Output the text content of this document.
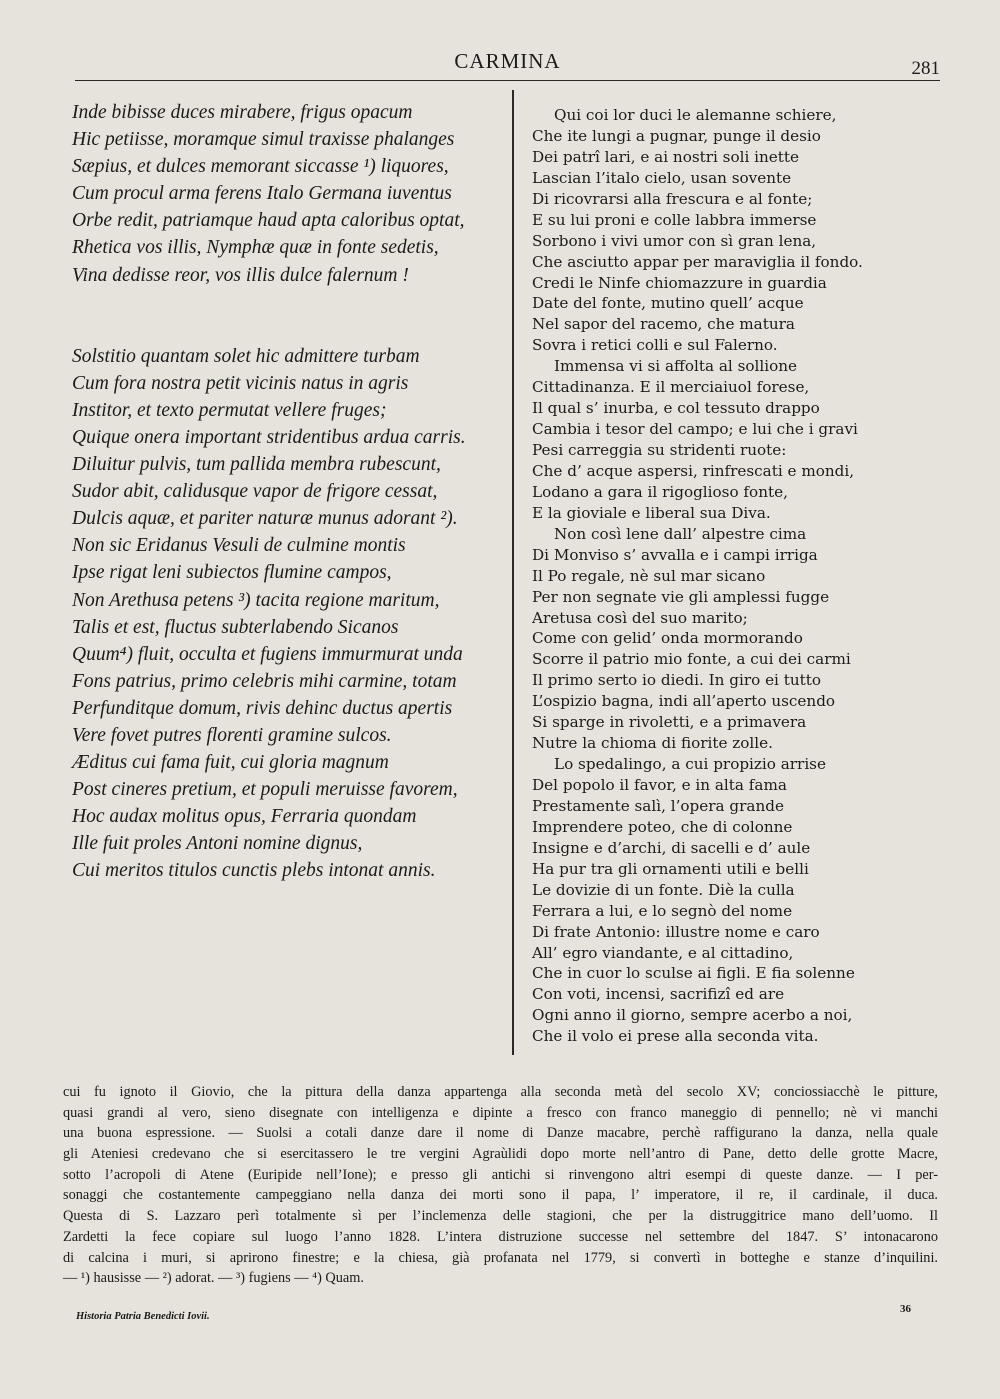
CARMINA	281
Inde bibisse duces mirabere, frigus opacum
Hic petiisse, moramque simul traxisse phalanges
Sæpius, et dulces memorant siccasse ¹) liquores,
Cum procul arma ferens Italo Germana iuventus
Orbe redit, patriamque haud apta caloribus optat,
Rhetica vos illis, Nymphæ quæ in fonte sedetis,
Vina dedisse reor, vos illis dulce falernum !
Solstitio quantam solet hic admittere turbam
Cum fora nostra petit vicinis natus in agris
Institor, et texto permutat vellere fruges;
Quique onera important stridentibus ardua carris.
Diluitur pulvis, tum pallida membra rubescunt,
Sudor abit, calidusque vapor de frigore cessat,
Dulcis aquæ, et pariter naturæ munus adorant ²).
Non sic Eridanus Vesuli de culmine montis
Ipse rigat leni subiectos flumine campos,
Non Arethusa petens ³) tacita regione maritum,
Talis et est, fluctus subterlabendo Sicanos
Quum⁴) fluit, occulta et fugiens immurmurat unda
Fons patrius, primo celebris mihi carmine, totam
Perfunditque domum, rivis dehinc ductus apertis
Vere fovet putres florenti gramine sulcos.
Æditus cui fama fuit, cui gloria magnum
Post cineres pretium, et populi meruisse favorem,
Hoc audax molitus opus, Ferraria quondam
Ille fuit proles Antoni nomine dignus,
Cui meritos titulos cunctis plebs intonat annis.
Qui coi lor duci le alemanne schiere,
Che ite lungi a pugnar, punge il desio
Dei patrî lari, e ai nostri soli inette
Lascian l’italo cielo, usan sovente
Di ricovrarsi alla frescura e al fonte;
E su lui proni e colle labbra immerse
Sorbono i vivi umor con sì gran lena,
Che asciutto appar per maraviglia il fondo.
Credi le Ninfe chiomazzure in guardia
Date del fonte, mutino quell’ acque
Nel sapor del racemo, che matura
Sovra i retici colli e sul Falerno.
Immensa vi si affolta al sollione
Cittadinanza. E il merciaiuol forese,
Il qual s’ inurba, e col tessuto drappo
Cambia i tesor del campo; e lui che i gravi
Pesi carreggia su stridenti ruote:
Che d’ acque aspersi, rinfrescati e mondi,
Lodano a gara il rigoglioso fonte,
E la gioviale e liberal sua Diva.
Non così lene dall’ alpestre cima
Di Monviso s’ avvalla e i campi irriga
Il Po regale, nè sul mar sicano
Per non segnate vie gli amplessi fugge
Aretusa così del suo marito;
Come con gelid’ onda mormorando
Scorre il patrio mio fonte, a cui dei carmi
Il primo serto io diedi. In giro ei tutto
L’ospizio bagna, indi all’aperto uscendo
Si sparge in rivoletti, e a primavera
Nutre la chioma di fiorite zolle.
Lo spedalingo, a cui propizio arrise
Del popolo il favor, e in alta fama
Prestamente salì, l’opera grande
Imprendere poteo, che di colonne
Insigne e d’archi, di sacelli e d’ aule
Ha pur tra gli ornamenti utili e belli
Le dovizie di un fonte. Diè la culla
Ferrara a lui, e lo segnò del nome
Di frate Antonio: illustre nome e caro
All’ egro viandante, e al cittadino,
Che in cuor lo sculse ai figli. E fia solenne
Con voti, incensi, sacrifizî ed are
Ogni anno il giorno, sempre acerbo a noi,
Che il volo ei prese alla seconda vita.
cui fu ignoto il Giovio, che la pittura della danza appartenga alla seconda metà del secolo XV; conciossiacchè le pitture,
quasi grandi al vero, sieno disegnate con intelligenza e dipinte a fresco con franco maneggio di pennello; nè vi manchi
una buona espressione. — Suolsi a cotali danze dare il nome di Danze macabre, perchè raffigurano la danza, nella quale
gli Ateniesi credevano che si esercitassero le tre vergini Agraùlidi dopo morte nell’antro di Pane, detto delle grotte Macre,
sotto l’acropoli di Atene (Euripide nell’Ione); e presso gli antichi si rinvengono altri esempi di queste danze. — I per-
sonaggi che costantemente campeggiano nella danza dei morti sono il papa, l’ imperatore, il re, il cardinale, il duca.
Questa di S. Lazzaro perì totalmente sì per l’inclemenza delle stagioni, che per la distruggitrice mano dell’uomo. Il
Zardetti la fece copiare sul luogo l’anno 1828. L’intera distruzione successe nel settembre del 1847. S’ intonacarono
di calcina i muri, si aprirono finestre; e la chiesa, già profanata nel 1779, si convertì in botteghe e stanze d’inquilini.
— ¹) hausisse — ²) adorat. — ³) fugiens — ⁴) Quam.
Historia Patria Benedicti Iovii.
36
